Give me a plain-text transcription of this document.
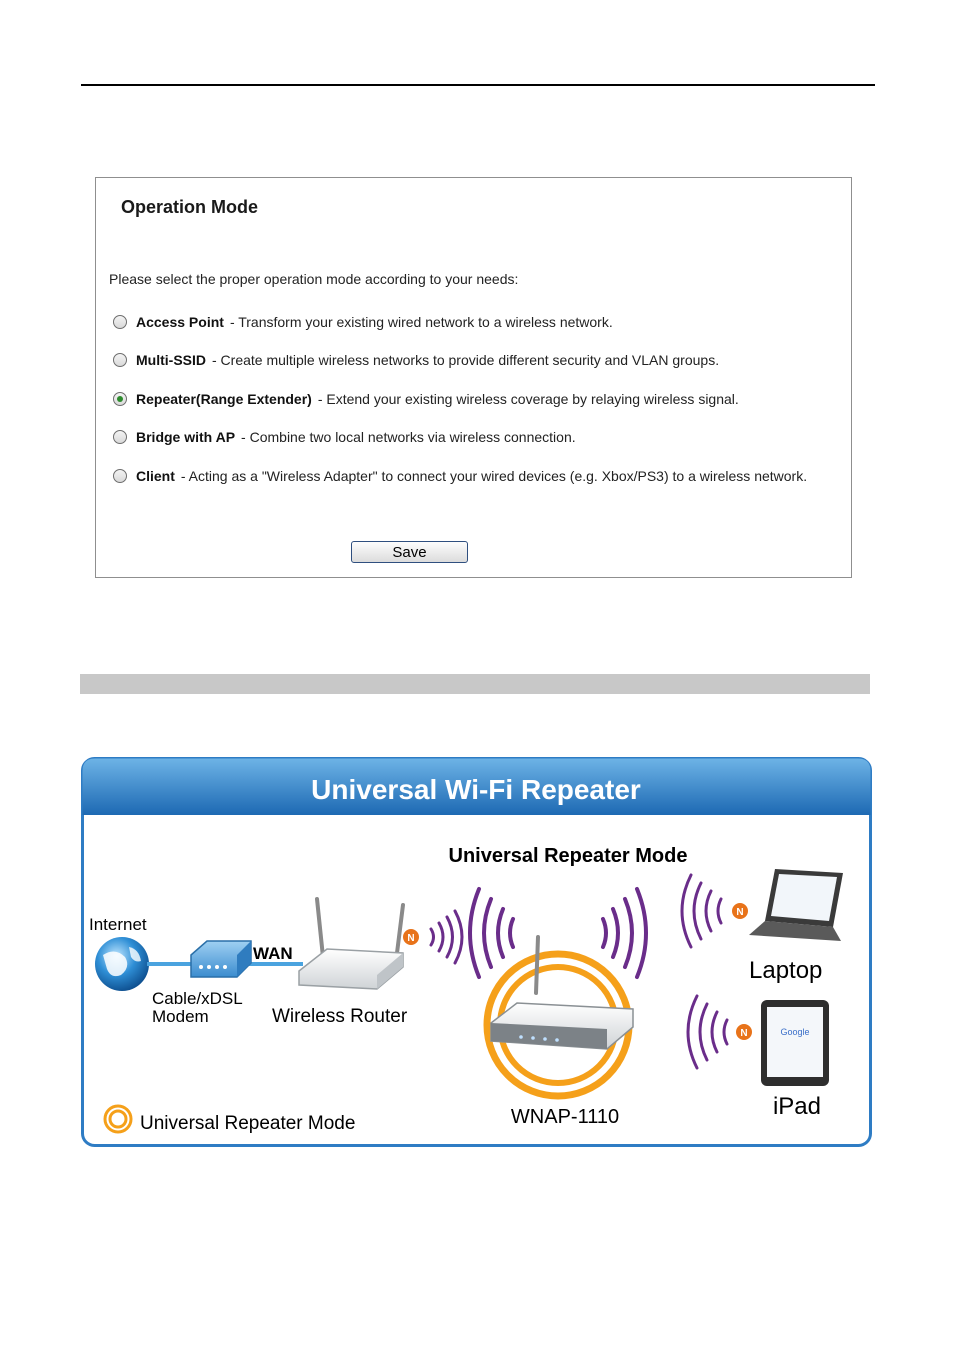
Operation Mode
Please select the proper operation mode according to your needs:
Access Point - Transform your existing wired network to a wireless network.
Multi-SSID - Create multiple wireless networks to provide different security and VLAN groups.
Repeater(Range Extender) - Extend your existing wireless coverage by relaying wireless signal.
Bridge with AP - Combine two local networks via wireless connection.
Client - Acting as a "Wireless Adapter" to connect your wired devices (e.g. Xbox/PS3) to a wireless network.
Save
Universal Wi-Fi Repeater
Universal Repeater Mode
Internet
Cable/xDSL
Modem
WAN
Wireless Router
N
WNAP-1110
N
Laptop
N	Google
iPad
Universal Repeater Mode
